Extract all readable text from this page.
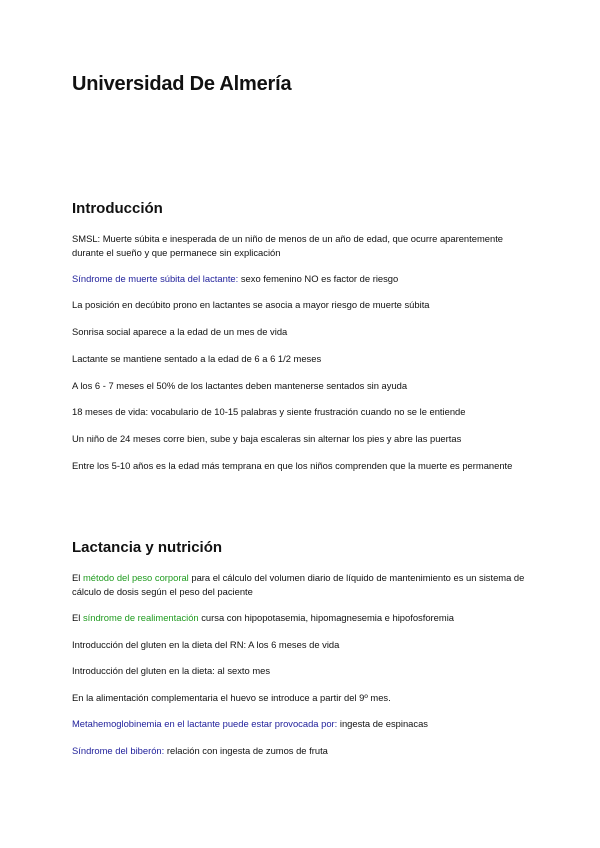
Universidad De Almería
Introducción

SMSL: Muerte súbita e inesperada de un niño de menos de un año de edad, que ocurre aparentemente durante el sueño y que permanece sin explicación

Síndrome de muerte súbita del lactante: sexo femenino NO es factor de riesgo

La posición en decúbito prono en lactantes se asocia a mayor riesgo de muerte súbita

Sonrisa social aparece a la edad de un mes de vida

Lactante se mantiene sentado a la edad de 6 a 6 1/2 meses

A los 6 - 7 meses el 50% de los lactantes deben mantenerse sentados sin ayuda

18 meses de vida: vocabulario de 10-15 palabras y siente frustración cuando no se le entiende

Un niño de 24 meses corre bien, sube y baja escaleras sin alternar los pies y abre las puertas

Entre los 5-10 años es la edad más temprana en que los niños comprenden que la muerte es permanente

Lactancia y nutrición

El método del peso corporal para el cálculo del volumen diario de líquido de mantenimiento es un sistema de cálculo de dosis según el peso del paciente

El síndrome de realimentación cursa con hipopotasemia, hipomagnesemia e hipofosforemia

Introducción del gluten en la dieta del RN: A los 6 meses de vida

Introducción del gluten en la dieta: al sexto mes

En la alimentación complementaria el huevo se introduce a partir del 9º mes.

Metahemoglobinemia en el lactante puede estar provocada por: ingesta de espinacas

Síndrome del biberón: relación con ingesta de zumos de fruta
